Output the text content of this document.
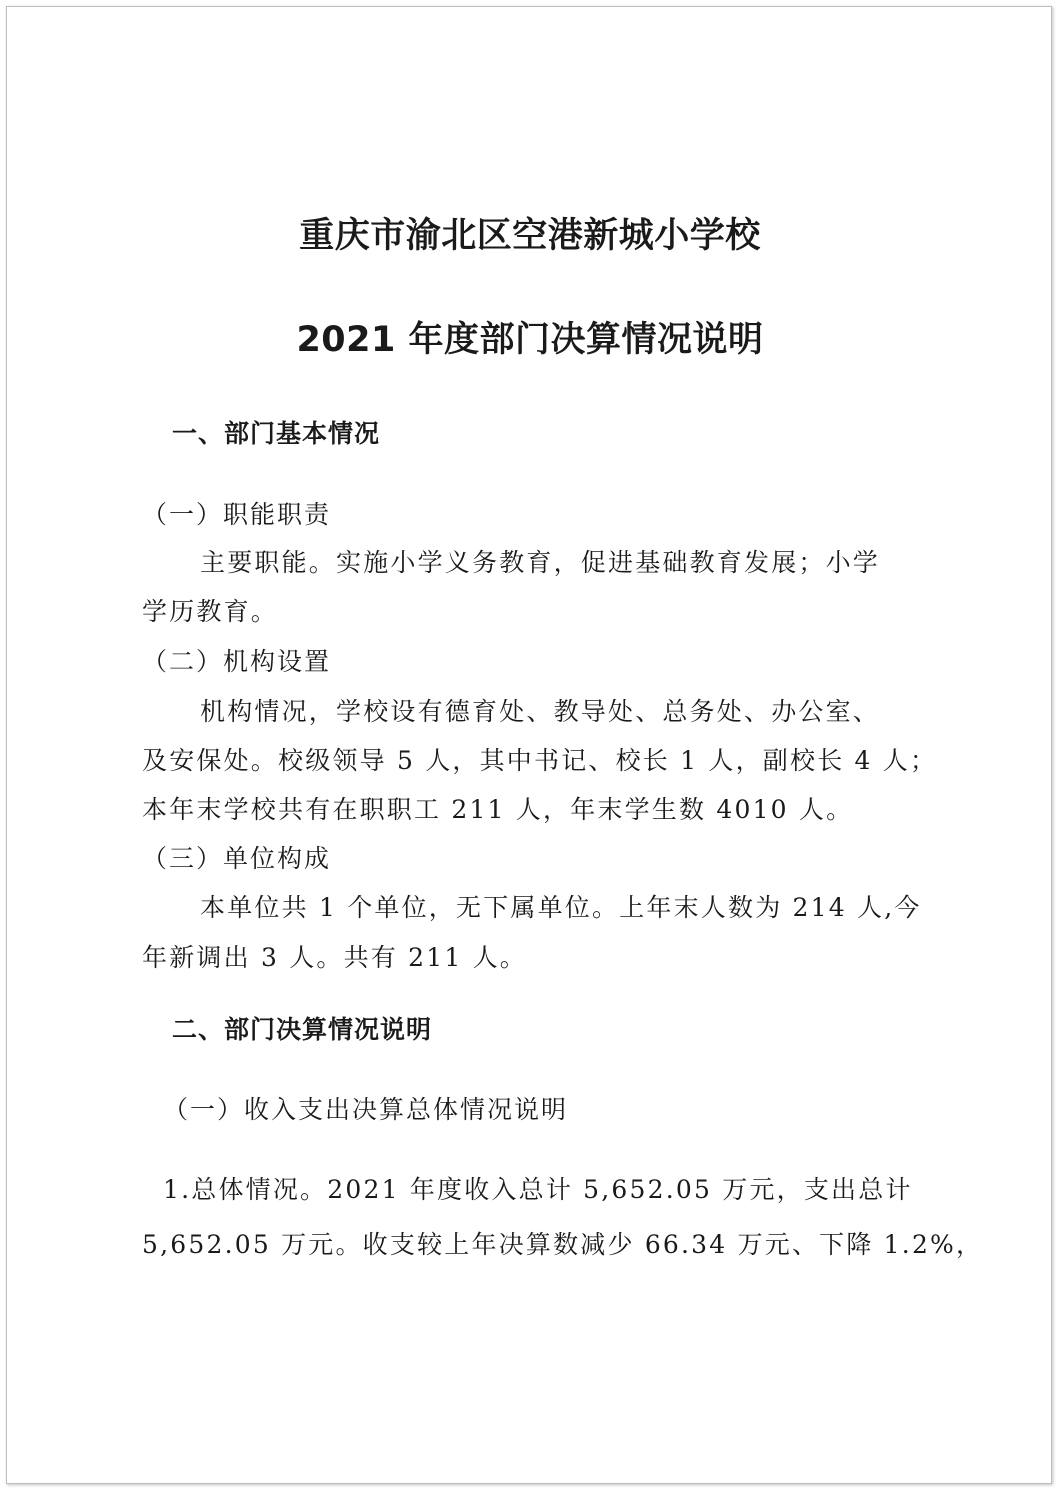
重庆市渝北区空港新城小学校
2021 年度部门决算情况说明
一、部门基本情况

（一）职能职责

主要职能。实施小学义务教育，促进基础教育发展；小学

学历教育。

（二）机构设置

机构情况，学校设有德育处、教导处、总务处、办公室、

及安保处。校级领导 5 人，其中书记、校长 1 人，副校长 4 人；

本年末学校共有在职职工 211 人，年末学生数 4010 人。

（三）单位构成

本单位共 1 个单位，无下属单位。上年末人数为 214 人,今

年新调出 3 人。共有 211 人。

二、部门决算情况说明

（一）收入支出决算总体情况说明

1.总体情况。2021 年度收入总计 5,652.05 万元，支出总计

5,652.05 万元。收支较上年决算数减少 66.34 万元、下降 1.2%，
